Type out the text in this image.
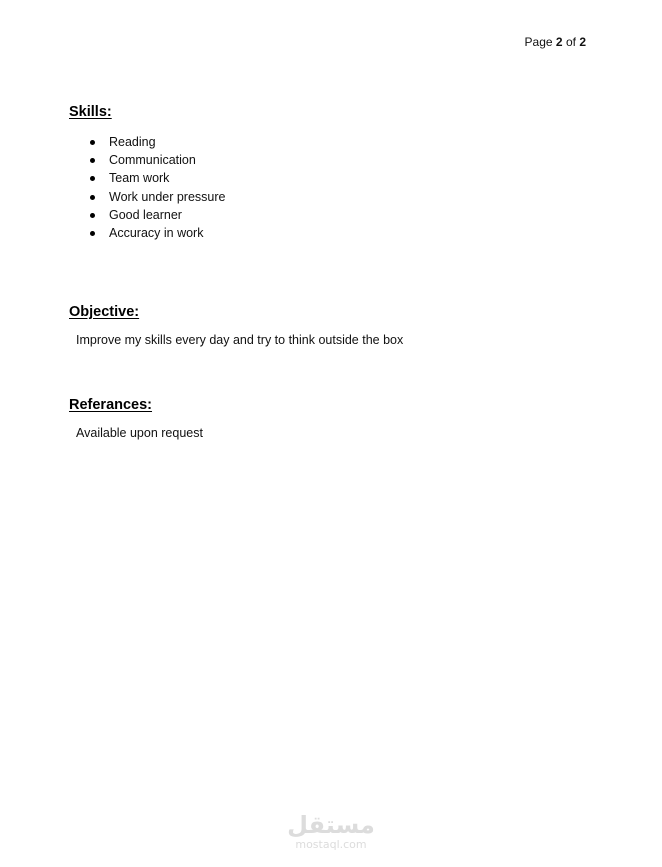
Page 2 of 2
Skills:
Reading
Communication
Team work
Work under pressure
Good learner
Accuracy in work
Objective:

Improve my skills every day and try to think outside the box

Referances:

Available upon request

مستقل
mostaql.com
